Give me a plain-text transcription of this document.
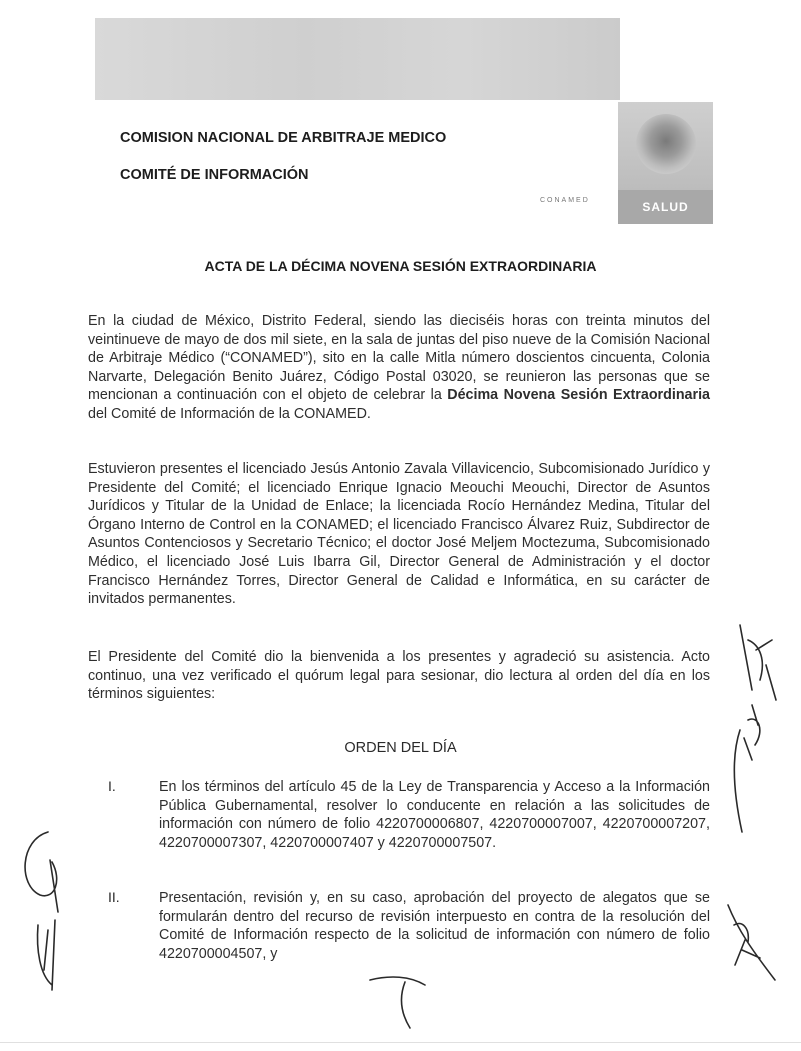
COMISION NACIONAL DE ARBITRAJE MEDICO
COMITÉ DE INFORMACIÓN
SALUD
CONAMED
ACTA DE LA DÉCIMA NOVENA SESIÓN EXTRAORDINARIA
En la ciudad de México, Distrito Federal, siendo las dieciséis horas con treinta minutos del veintinueve de mayo de dos mil siete, en la sala de juntas del piso nueve de la Comisión Nacional de Arbitraje Médico (“CONAMED”), sito en la calle Mitla número doscientos cincuenta, Colonia Narvarte, Delegación Benito Juárez, Código Postal 03020, se reunieron las personas que se mencionan a continuación con el objeto de celebrar la Décima Novena Sesión Extraordinaria del Comité de Información de la CONAMED.
Estuvieron presentes el licenciado Jesús Antonio Zavala Villavicencio, Subcomisionado Jurídico y Presidente del Comité; el licenciado Enrique Ignacio Meouchi Meouchi, Director de Asuntos Jurídicos y Titular de la Unidad de Enlace; la licenciada Rocío Hernández Medina, Titular del Órgano Interno de Control en la CONAMED; el licenciado Francisco Álvarez Ruiz, Subdirector de Asuntos Contenciosos y Secretario Técnico; el doctor José Meljem Moctezuma, Subcomisionado Médico, el licenciado José Luis Ibarra Gil, Director General de Administración y el doctor Francisco Hernández Torres, Director General de Calidad e Informática, en su carácter de invitados permanentes.
El Presidente del Comité dio la bienvenida a los presentes y agradeció su asistencia. Acto continuo, una vez verificado el quórum legal para sesionar, dio lectura al orden del día en los términos siguientes:
ORDEN DEL DÍA
I.	En los términos del artículo 45 de la Ley de Transparencia y Acceso a la Información Pública Gubernamental, resolver lo conducente en relación a las solicitudes de información con número de folio 4220700006807, 4220700007007, 4220700007207, 4220700007307, 4220700007407 y 4220700007507.
II.	Presentación, revisión y, en su caso, aprobación del proyecto de alegatos que se formularán dentro del recurso de revisión interpuesto en contra de la resolución del Comité de Información respecto de la solicitud de información con número de folio 4220700004507, y
